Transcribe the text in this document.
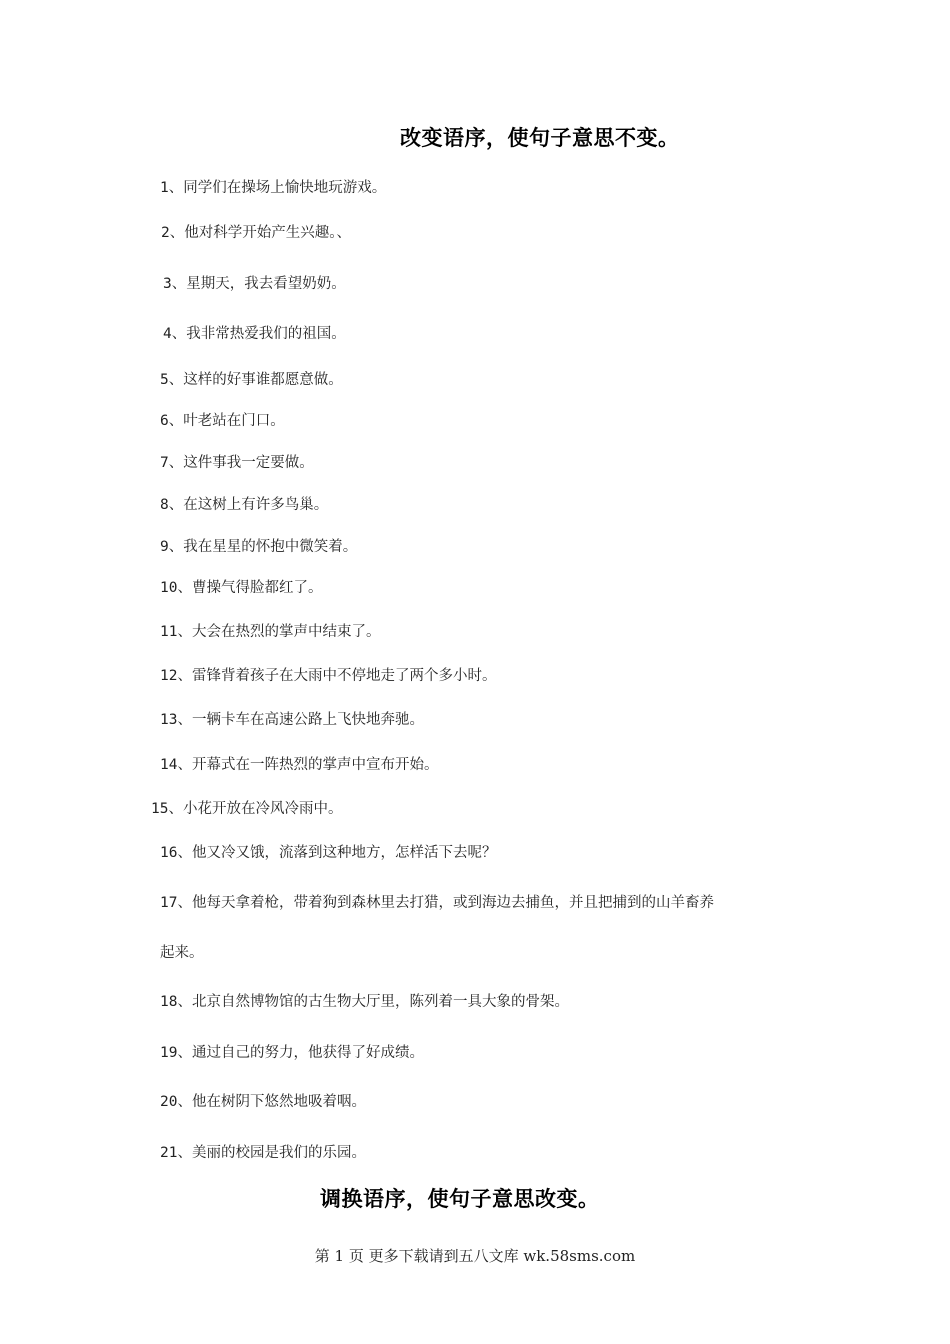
改变语序，使句子意思不变。
1、同学们在操场上愉快地玩游戏。
2、他对科学开始产生兴趣。、
3、星期天，我去看望奶奶。
4、我非常热爱我们的祖国。
5、这样的好事谁都愿意做。
6、叶老站在门口。
7、这件事我一定要做。
8、在这树上有许多鸟巢。
9、我在星星的怀抱中微笑着。
10、曹操气得脸都红了。
11、大会在热烈的掌声中结束了。
12、雷锋背着孩子在大雨中不停地走了两个多小时。
13、一辆卡车在高速公路上飞快地奔驰。
14、开幕式在一阵热烈的掌声中宣布开始。
15、小花开放在冷风冷雨中。
16、他又冷又饿，流落到这种地方，怎样活下去呢？
17、他每天拿着枪，带着狗到森林里去打猎，或到海边去捕鱼，并且把捕到的山羊畜养
起来。
18、北京自然博物馆的古生物大厅里，陈列着一具大象的骨架。
19、通过自己的努力，他获得了好成绩。
20、他在树阴下悠然地吸着咽。
21、美丽的校园是我们的乐园。
调换语序，使句子意思改变。
第 1 页 更多下载请到五八文库 wk.58sms.com
